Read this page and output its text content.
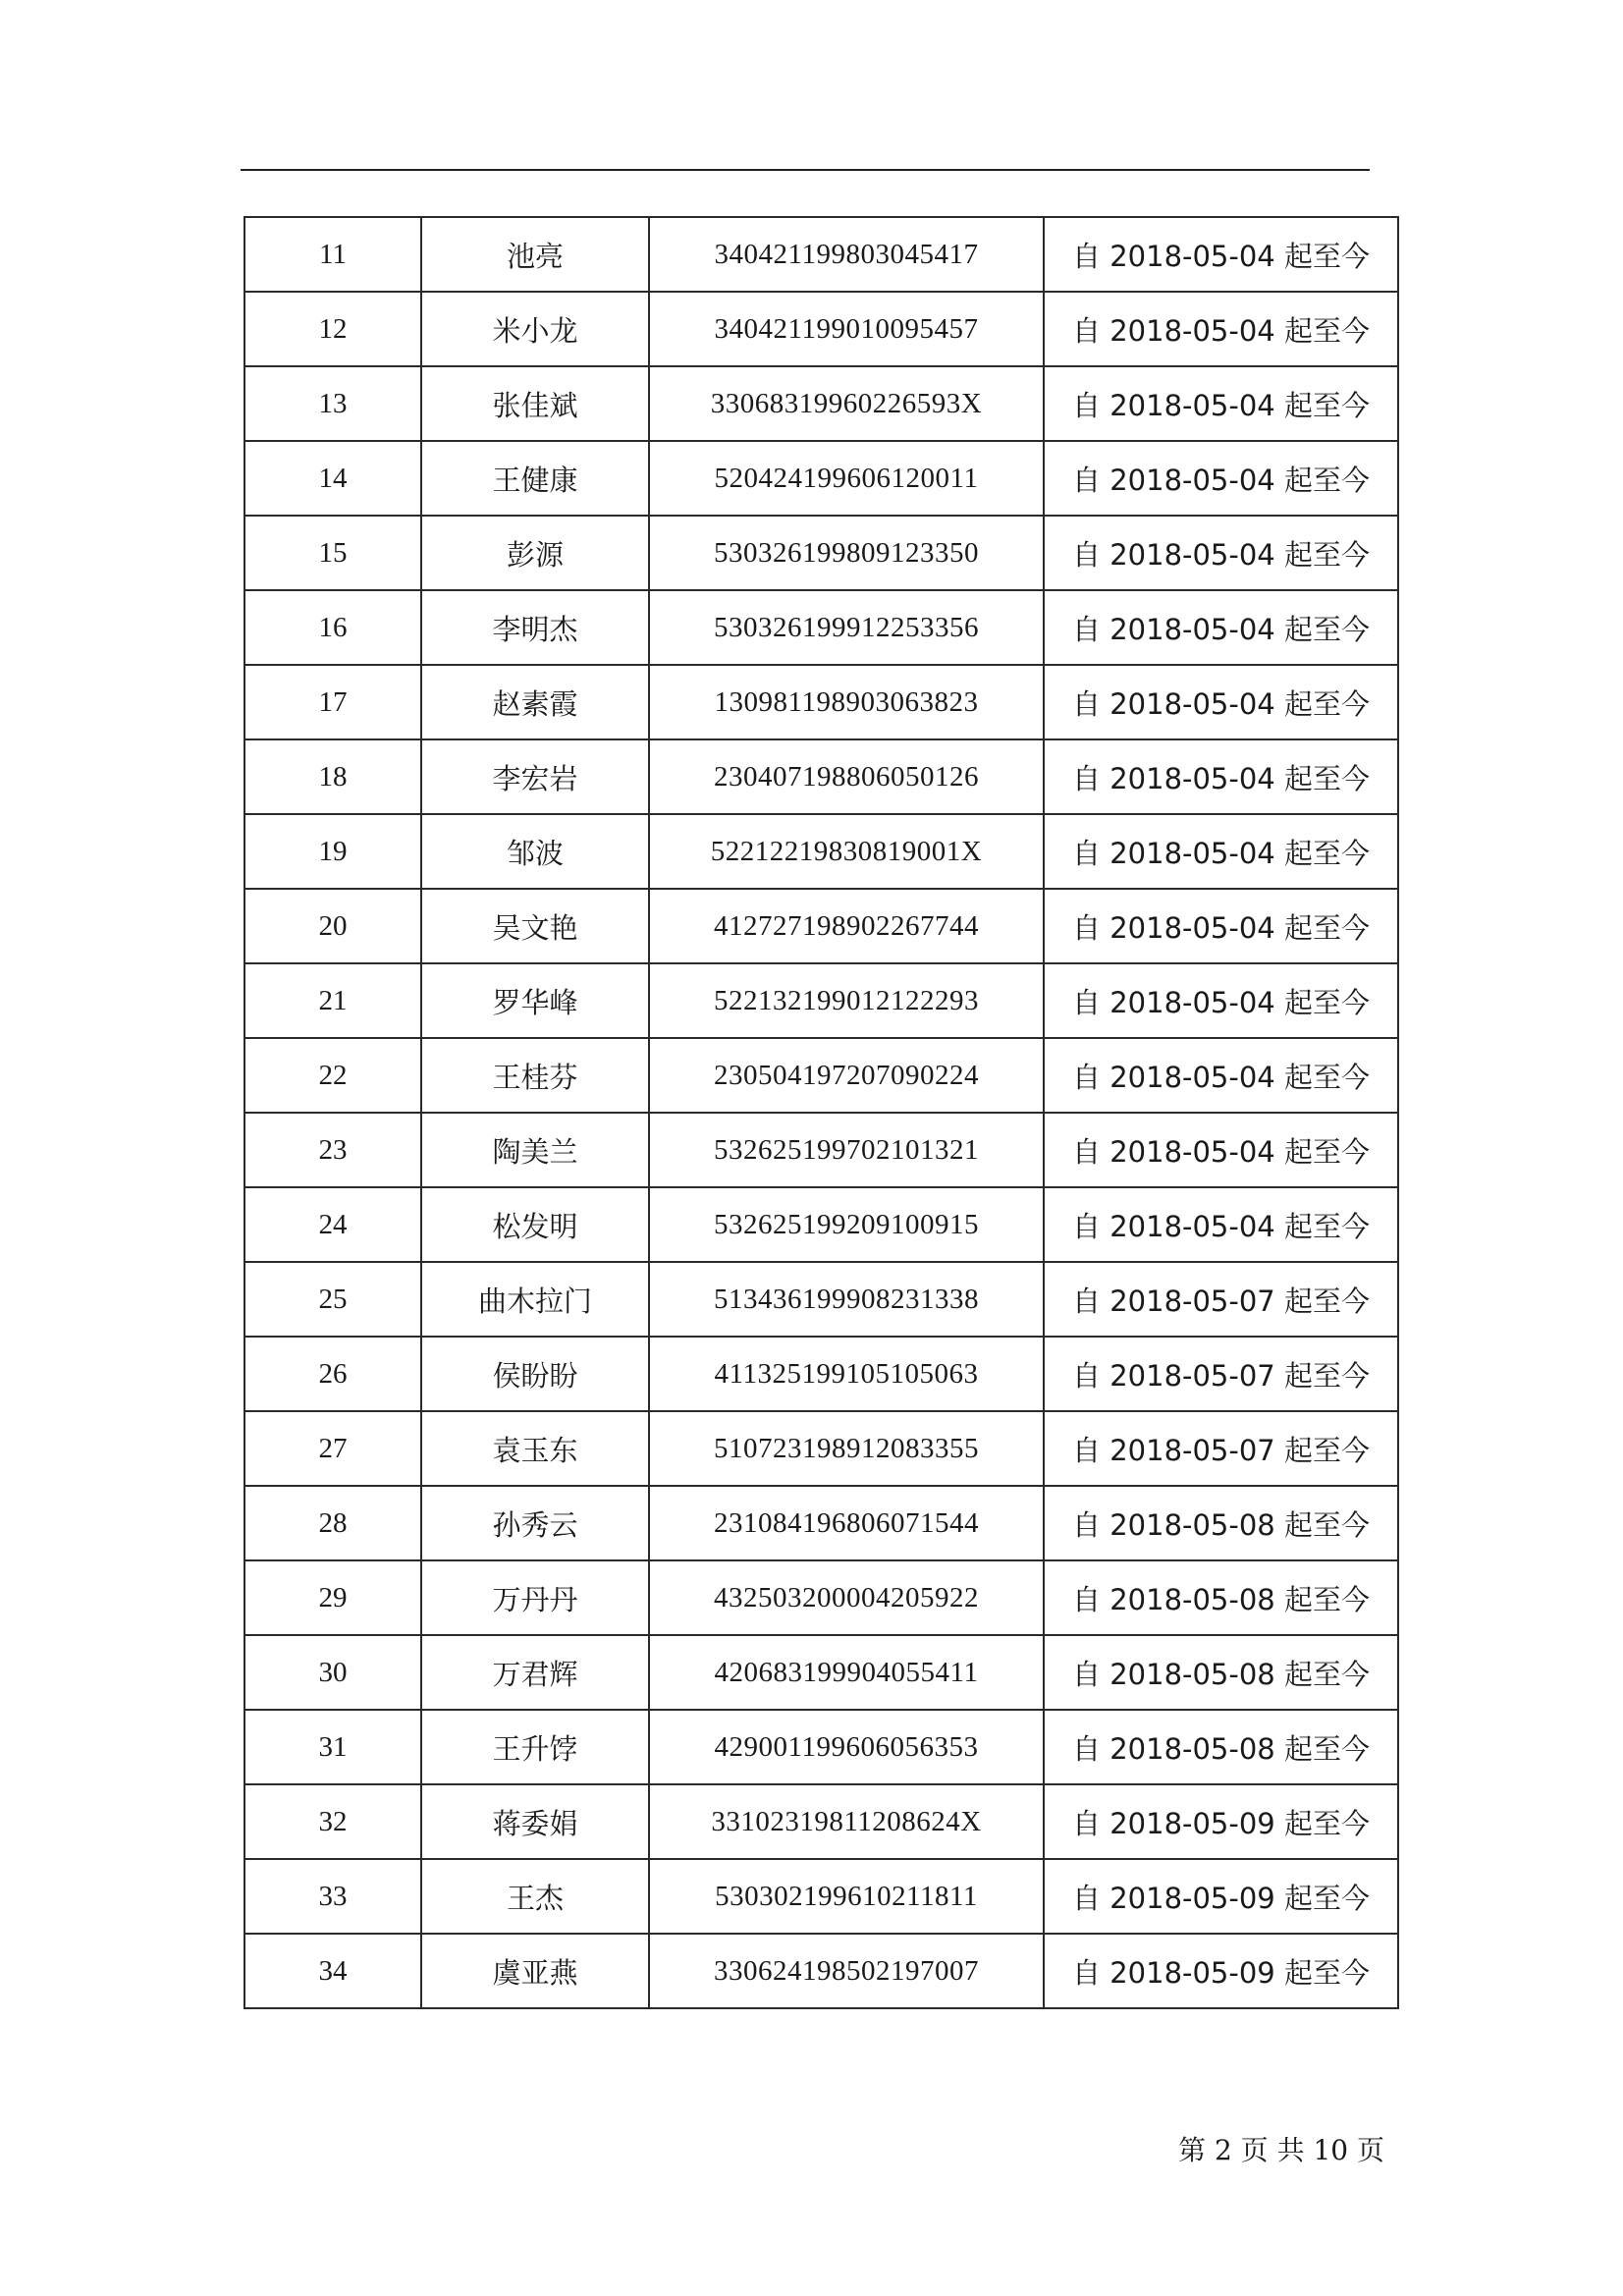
11	池亮	340421199803045417	自 2018-05-04 起至今
12	米小龙	340421199010095457	自 2018-05-04 起至今
13	张佳斌	33068319960226593X	自 2018-05-04 起至今
14	王健康	520424199606120011	自 2018-05-04 起至今
15	彭源	530326199809123350	自 2018-05-04 起至今
16	李明杰	530326199912253356	自 2018-05-04 起至今
17	赵素霞	130981198903063823	自 2018-05-04 起至今
18	李宏岩	230407198806050126	自 2018-05-04 起至今
19	邹波	52212219830819001X	自 2018-05-04 起至今
20	吴文艳	412727198902267744	自 2018-05-04 起至今
21	罗华峰	522132199012122293	自 2018-05-04 起至今
22	王桂芬	230504197207090224	自 2018-05-04 起至今
23	陶美兰	532625199702101321	自 2018-05-04 起至今
24	松发明	532625199209100915	自 2018-05-04 起至今
25	曲木拉门	513436199908231338	自 2018-05-07 起至今
26	侯盼盼	411325199105105063	自 2018-05-07 起至今
27	袁玉东	510723198912083355	自 2018-05-07 起至今
28	孙秀云	231084196806071544	自 2018-05-08 起至今
29	万丹丹	432503200004205922	自 2018-05-08 起至今
30	万君辉	420683199904055411	自 2018-05-08 起至今
31	王升饽	429001199606056353	自 2018-05-08 起至今
32	蒋委娟	33102319811208624X	自 2018-05-09 起至今
33	王杰	530302199610211811	自 2018-05-09 起至今
34	虞亚燕	330624198502197007	自 2018-05-09 起至今
第 2 页 共 10 页
